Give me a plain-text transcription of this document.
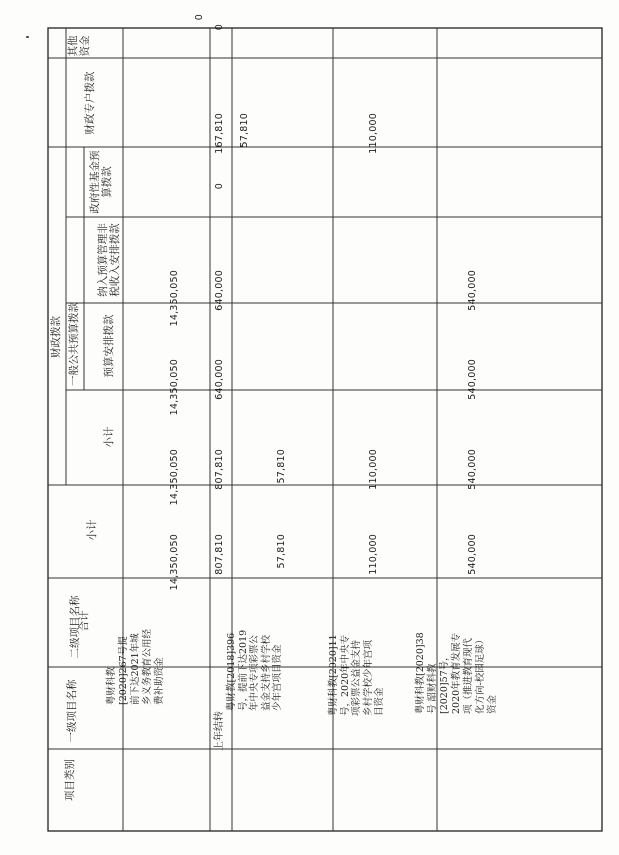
项目类别
一级项目名称
二级项目名称
合计
财政拨款
小计
一般公共预算拨款
小计
预算安排拨款
纳入预算管理非税收入安排拨款
政府性基金预算拨款
财政专户拨款
其他资金
粤财科教[2020]267号提前下达2021年城乡义务教育公用经费补助资金
14,350,050
14,350,050
14,350,050
14,350,050
上年结转
807,810
807,810
640,000
640,000
0
167,810
0
0
粤财教[2018]396号，提前下达2019年中央专项彩票公益金支持乡村学校少年宫项目资金
57,810
57,810
57,810
粤财科教[2020]11号，2020年中央专项彩票公益金支持乡村学校少年宫项目资金
110,000
110,000
110,000
粤财科教[2020]38号 韶财科教[2020]57号，2020年教育发展专项（推进教育现代化方向-校园足球）资金
540,000
540,000
540,000
540,000
